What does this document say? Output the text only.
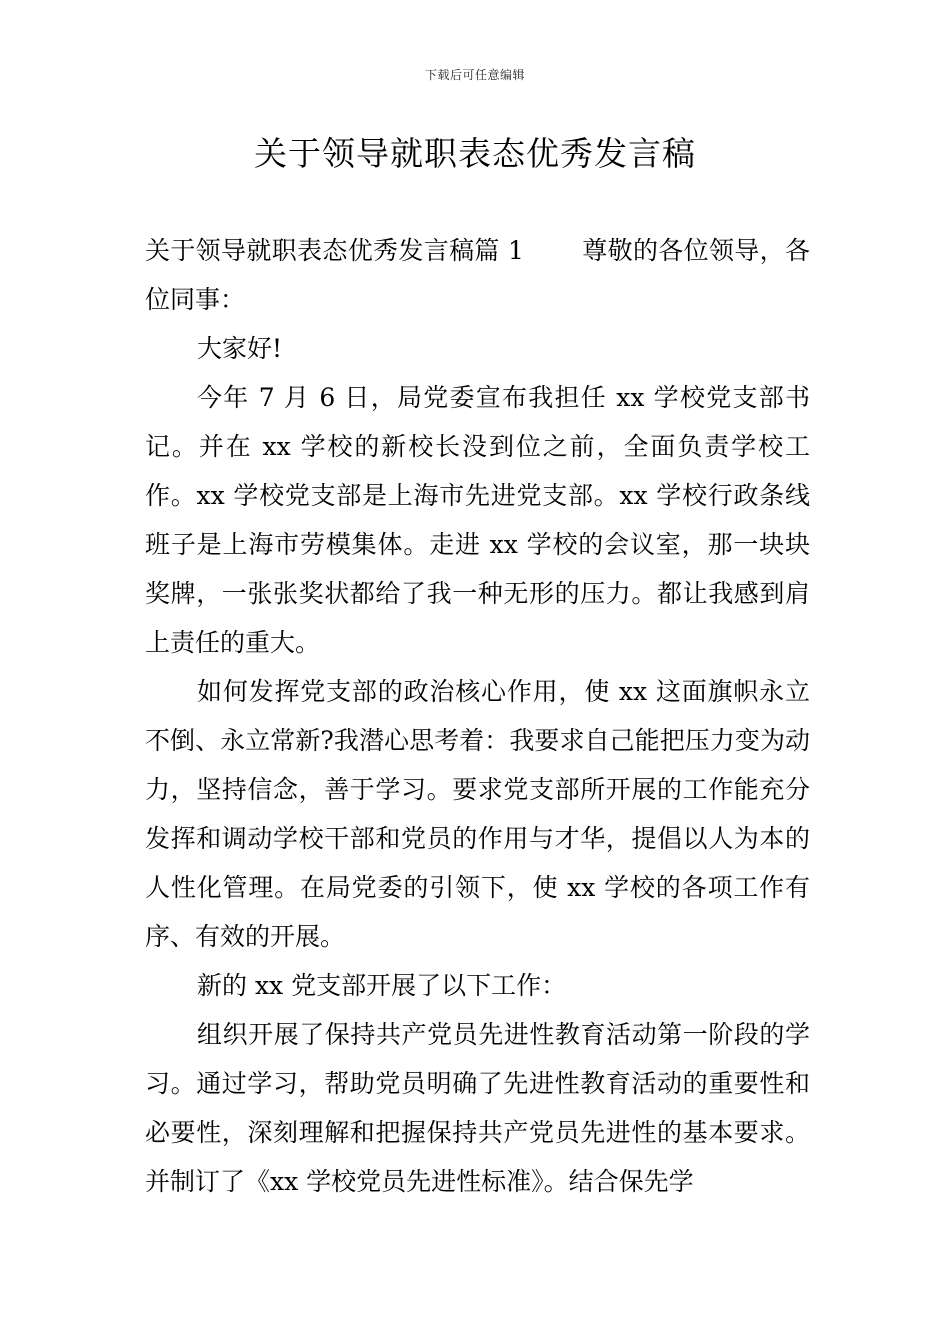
下载后可任意编辑
关于领导就职表态优秀发言稿

关于领导就职表态优秀发言稿篇 1 尊敬的各位领导，各位同事：

大家好!

今年 7 月 6 日，局党委宣布我担任 xx 学校党支部书记。并在 xx 学校的新校长没到位之前，全面负责学校工作。xx 学校党支部是上海市先进党支部。xx 学校行政条线班子是上海市劳模集体。走进 xx 学校的会议室，那一块块奖牌，一张张奖状都给了我一种无形的压力。都让我感到肩上责任的重大。

如何发挥党支部的政治核心作用，使 xx 这面旗帜永立不倒、永立常新?我潜心思考着：我要求自己能把压力变为动力，坚持信念，善于学习。要求党支部所开展的工作能充分发挥和调动学校干部和党员的作用与才华，提倡以人为本的人性化管理。在局党委的引领下，使 xx 学校的各项工作有序、有效的开展。

新的 xx 党支部开展了以下工作：

组织开展了保持共产党员先进性教育活动第一阶段的学习。通过学习，帮助党员明确了先进性教育活动的重要性和必要性，深刻理解和把握保持共产党员先进性的基本要求。并制订了《xx 学校党员先进性标准》。结合保先学
